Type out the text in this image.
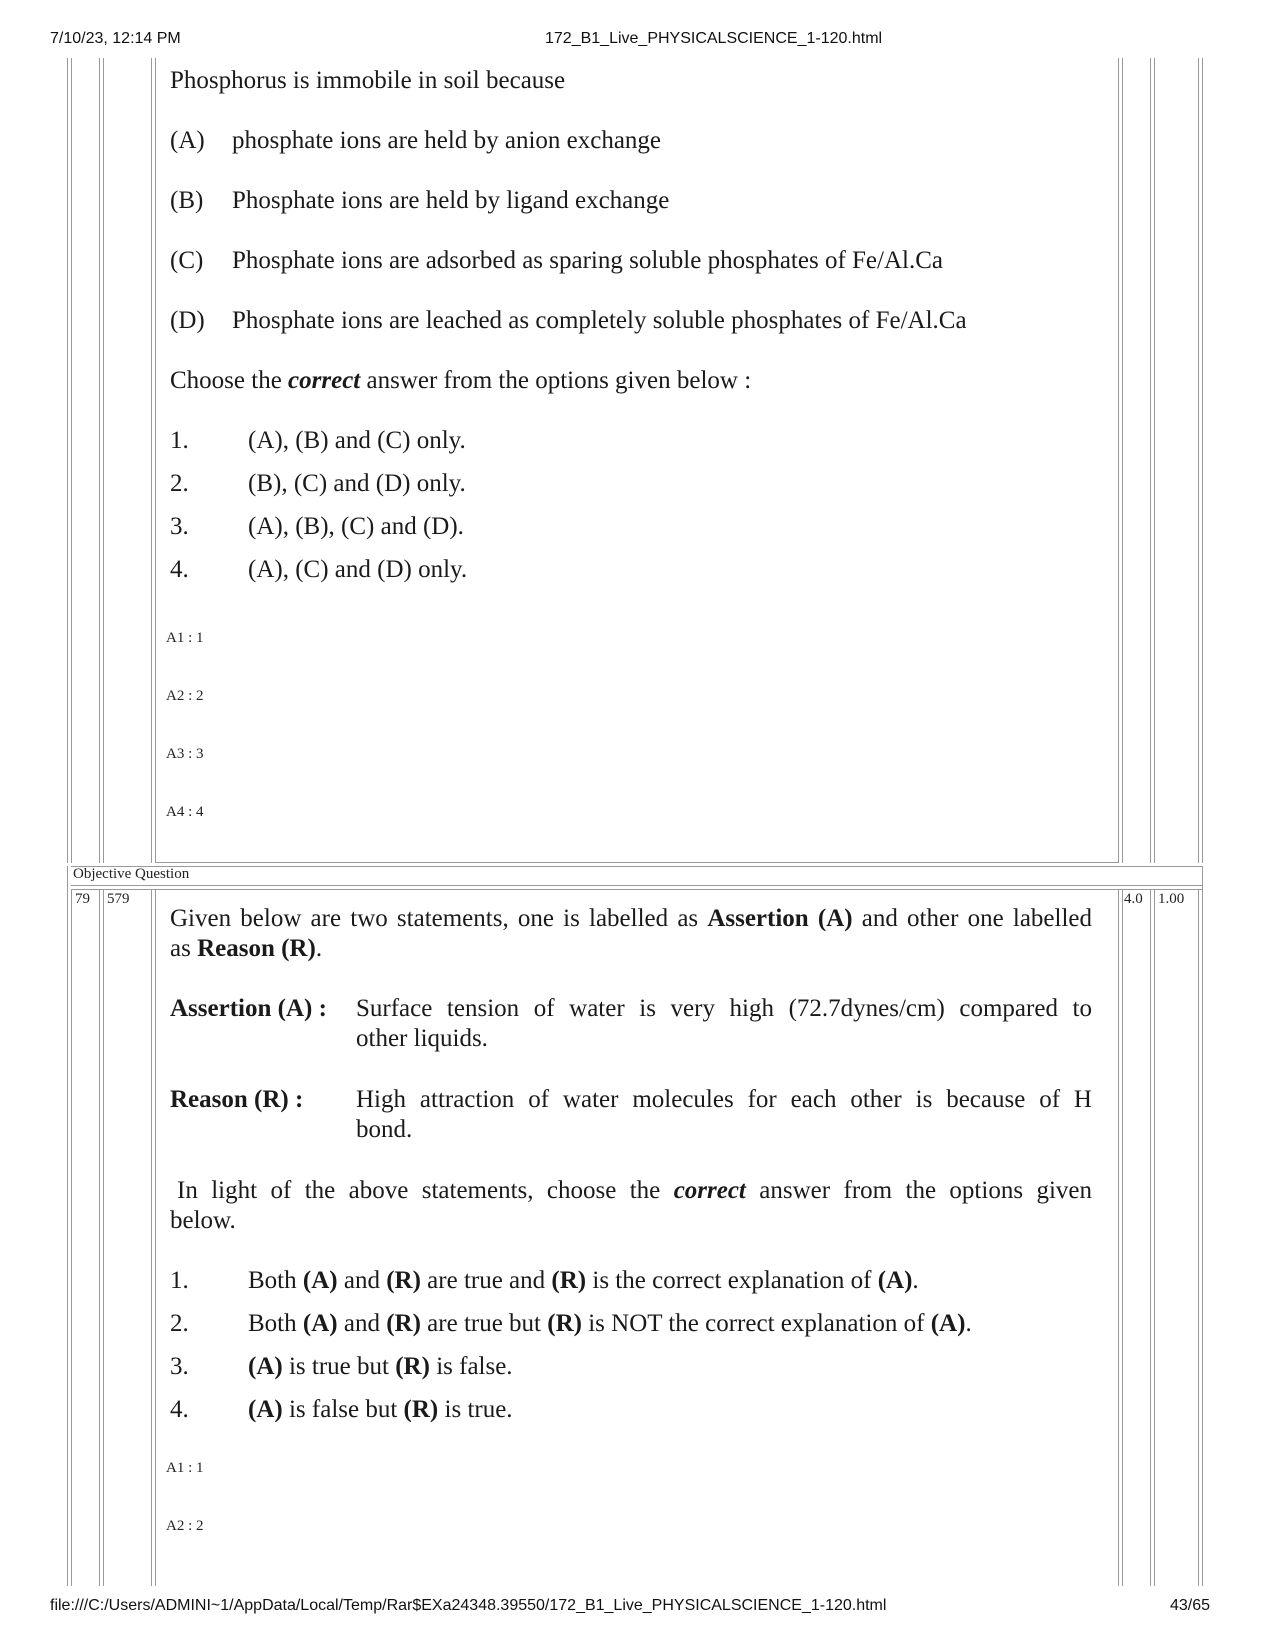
7/10/23, 12:14 PM	172_B1_Live_PHYSICALSCIENCE_1-120.html
Objective Question
Phosphorus is immobile in soil because
(A)	phosphate ions are held by anion exchange
(B)	Phosphate ions are held by ligand exchange
(C)	Phosphate ions are adsorbed as sparing soluble phosphates of Fe/Al.Ca
(D)	Phosphate ions are leached as completely soluble phosphates of Fe/Al.Ca
Choose the correct answer from the options given below :
1. (A), (B) and (C) only.
2. (B), (C) and (D) only.
3. (A), (B), (C) and (D).
4. (A), (C) and (D) only.
A1 : 1
A2 : 2
A3 : 3
A4 : 4
79 579	4.0 1.00
Given below are two statements, one is labelled as Assertion (A) and other one labelled
as Reason (R).
Assertion (A) : Surface tension of water is very high (72.7dynes/cm) compared to
other liquids.
Reason (R) : High attraction of water molecules for each other is because of H
bond.
In light of the above statements, choose the correct answer from the options given
below.
1. Both (A) and (R) are true and (R) is the correct explanation of (A).
2. Both (A) and (R) are true but (R) is NOT the correct explanation of (A).
3. (A) is true but (R) is false.
4. (A) is false but (R) is true.
A1 : 1
A2 : 2
file:///C:/Users/ADMINI~1/AppData/Local/Temp/Rar$EXa24348.39550/172_B1_Live_PHYSICALSCIENCE_1-120.html	43/65
